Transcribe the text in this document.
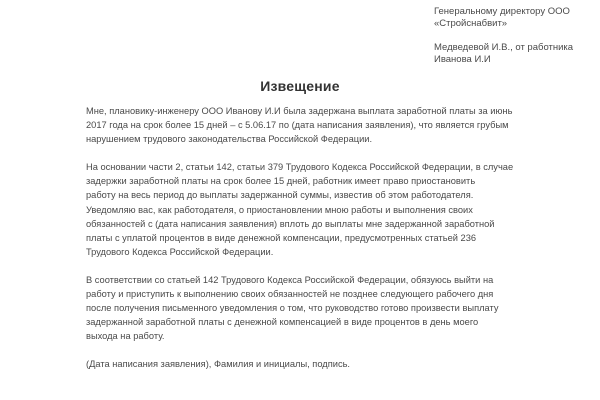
Генеральному директору ООО
«Стройснабвит»
Медведевой И.В., от работника
Иванова И.И
Извещение
Мне, плановику-инженеру ООО Иванову И.И была задержана выплата заработной платы за июнь
2017 года на срок более 15 дней – с 5.06.17 по (дата написания заявления), что является грубым
нарушением трудового законодательства Российской Федерации.
На основании части 2, статьи 142, статьи 379 Трудового Кодекса Российской Федерации, в случае
задержки заработной платы на срок более 15 дней, работник имеет право приостановить
работу на весь период до выплаты задержанной суммы, известив об этом работодателя.
Уведомляю вас, как работодателя, о приостановлении мною работы и выполнения своих
обязанностей с (дата написания заявления) вплоть до выплаты мне задержанной заработной
платы с уплатой процентов в виде денежной компенсации, предусмотренных статьей 236
Трудового Кодекса Российской Федерации.
В соответствии со статьей 142 Трудового Кодекса Российской Федерации, обязуюсь выйти на
работу и приступить к выполнению своих обязанностей не позднее следующего рабочего дня
после получения письменного уведомления о том, что руководство готово произвести выплату
задержанной заработной платы с денежной компенсацией в виде процентов в день моего
выхода на работу.
(Дата написания заявления), Фамилия и инициалы, подпись.
